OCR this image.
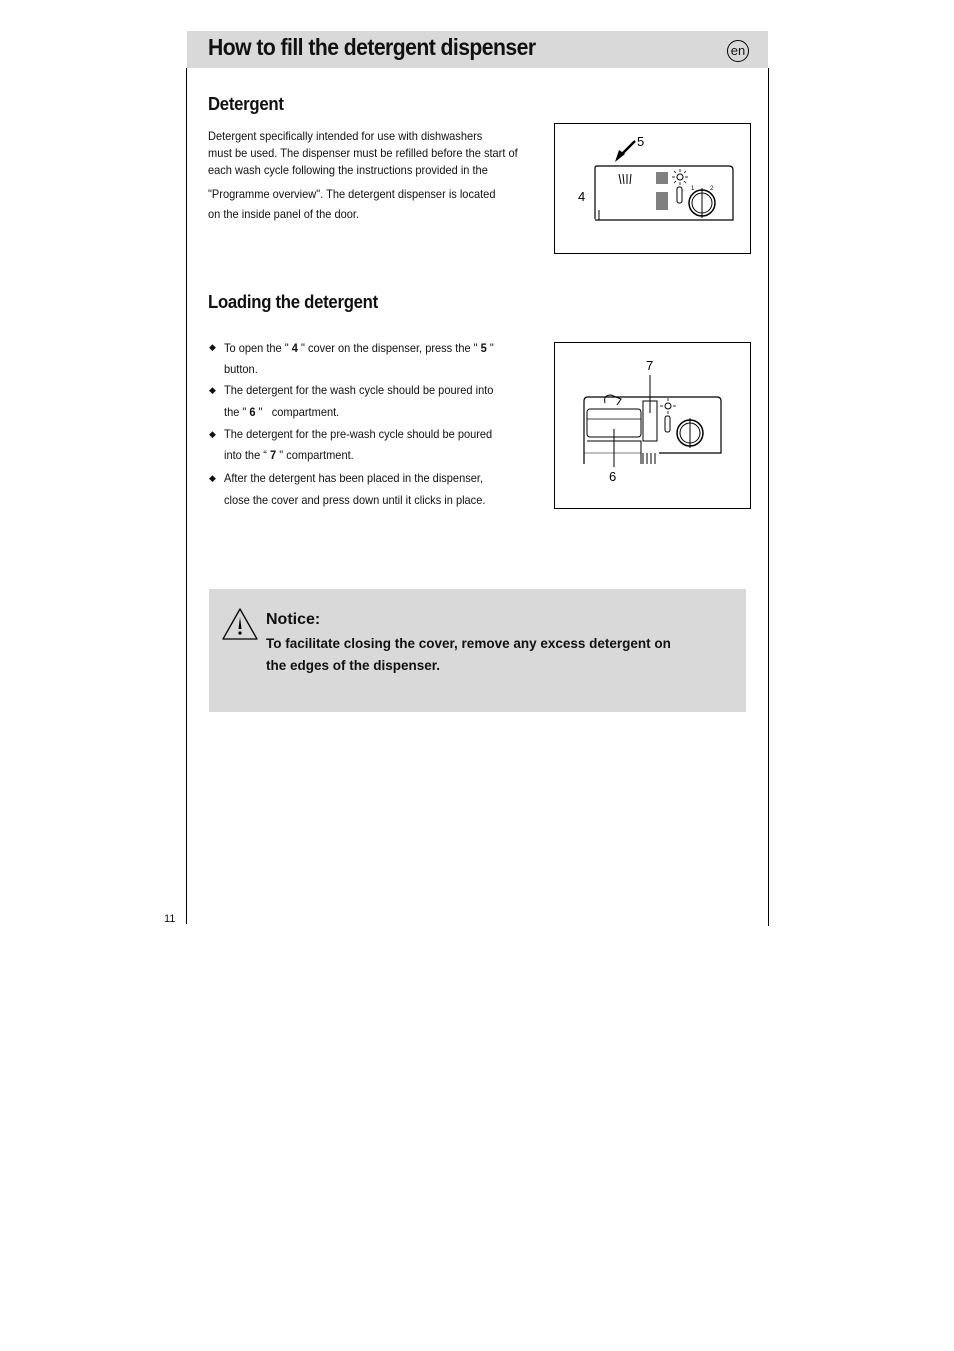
How to fill the detergent dispenser	en
Detergent
Detergent specifically intended for use with dishwashers
must be used. The dispenser must be refilled before the start of
each wash cycle following the instructions provided in the
"Programme overview". The detergent dispenser is located
on the inside panel of the door.
1	2
5
4
Loading the detergent
◆ To open the " 4 " cover on the dispenser, press the " 5 "
button.
◆ The detergent for the wash cycle should be poured into
the " 6 "   compartment.
◆ The detergent for the pre-wash cycle should be poured
into the “ 7 " compartment.
◆ After the detergent has been placed in the dispenser,
close the cover and press down until it clicks in place.
7
6
Notice:
To facilitate closing the cover, remove any excess detergent on
the edges of the dispenser.
11
